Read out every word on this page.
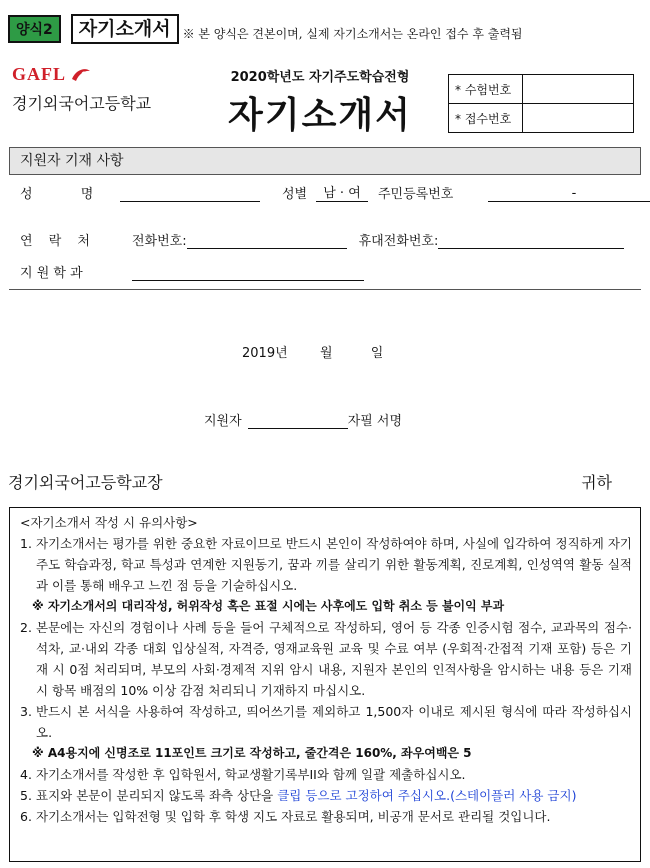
양식2	자기소개서	※ 본 양식은 견본이며, 실제 자기소개서는 온라인 접수 후 출력됨
GAFL
경기외국어고등학교
2020학년도 자기주도학습전형
자기소개서
* 수험번호	
* 접수번호	
지원자 기재 사항
성 명	성별	남 · 여	주민등록번호	-
연 락 처	전화번호:	휴대전화번호:
지 원 학 과
2019년 월	일
지원자	자필 서명
경기외국어고등학교장	귀하
<자기소개서 작성 시 유의사항>
1. 자기소개서는 평가를 위한 중요한 자료이므로 반드시 본인이 작성하여야 하며, 사실에 입각하여 정직하게 자기주도 학습과정, 학교 특성과 연계한 지원동기, 꿈과 끼를 살리기 위한 활동계획, 진로계획, 인성역역 활동 실적과 이를 통해 배우고 느낀 점 등을 기술하십시오.
※ 자기소개서의 대리작성, 허위작성 혹은 표절 시에는 사후에도 입학 취소 등 불이익 부과
2. 본문에는 자신의 경험이나 사례 등을 들어 구체적으로 작성하되, 영어 등 각종 인증시험 점수, 교과목의 점수·석차, 교·내외 각종 대회 입상실적, 자격증, 영재교육원 교육 및 수료 여부 (우회적·간접적 기재 포함) 등은 기재 시 0점 처리되며, 부모의 사회·경제적 지위 암시 내용, 지원자 본인의 인적사항을 암시하는 내용 등은 기재 시 항목 배점의 10% 이상 감점 처리되니 기재하지 마십시오.
3. 반드시 본 서식을 사용하여 작성하고, 띄어쓰기를 제외하고 1,500자 이내로 제시된 형식에 따라 작성하십시오.
※ A4용지에 신명조로 11포인트 크기로 작성하고, 줄간격은 160%, 좌우여백은 5
4. 자기소개서를 작성한 후 입학원서, 학교생활기록부II와 함께 일괄 제출하십시오.
5. 표지와 본문이 분리되지 않도록 좌측 상단을 클립 등으로 고정하여 주십시오.(스테이플러 사용 금지)
6. 자기소개서는 입학전형 및 입학 후 학생 지도 자료로 활용되며, 비공개 문서로 관리될 것입니다.
